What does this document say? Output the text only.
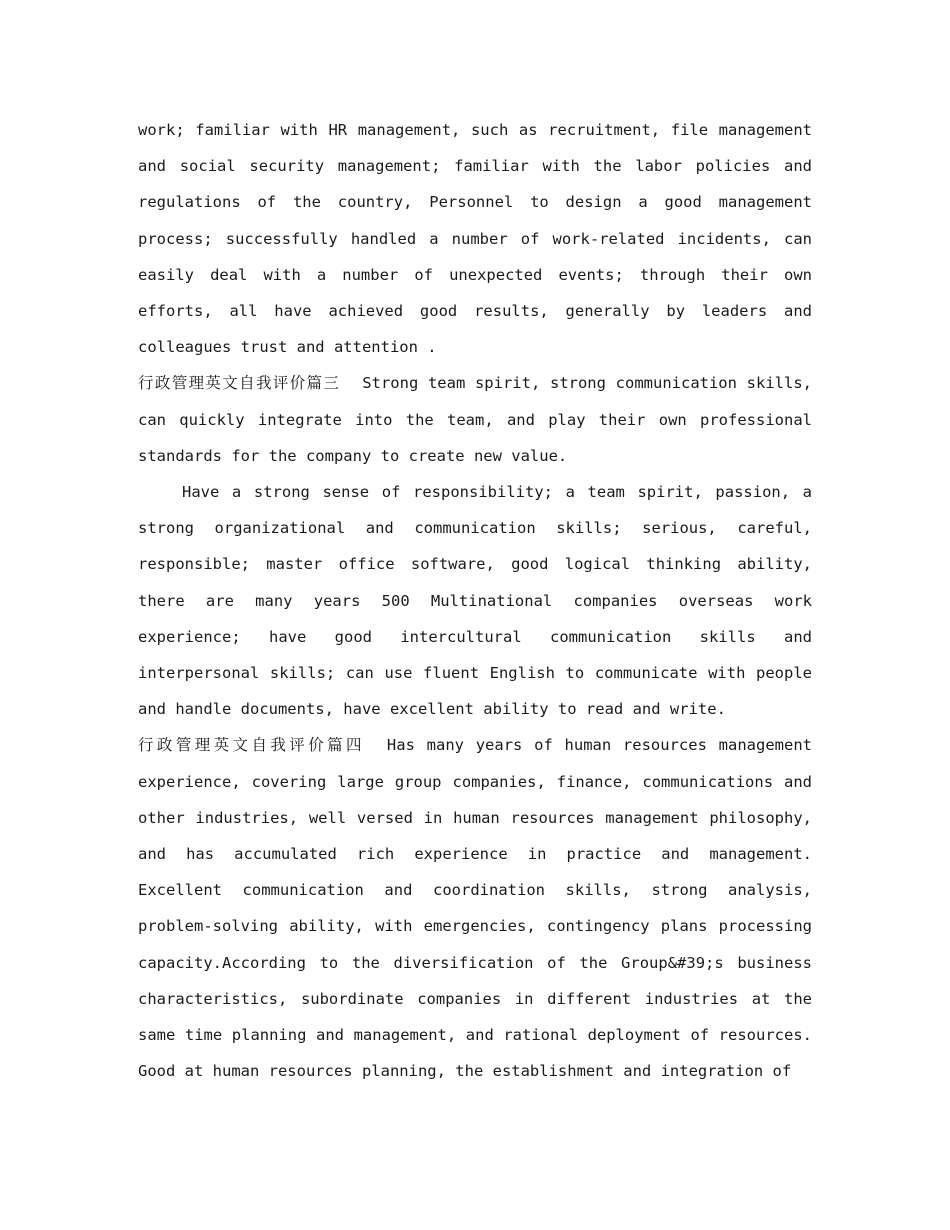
work; familiar with HR management, such as recruitment, file management and social security management; familiar with the labor policies and regulations of the country, Personnel to design a good management process; successfully handled a number of work-related incidents, can easily deal with a number of unexpected events; through their own efforts, all have achieved good results, generally by leaders and colleagues trust and attention .

行政管理英文自我评价篇三 Strong team spirit, strong communication skills, can quickly integrate into the team, and play their own professional standards for the company to create new value.

Have a strong sense of responsibility; a team spirit, passion, a strong organizational and communication skills; serious, careful, responsible; master office software, good logical thinking ability, there are many years 500 Multinational companies overseas work experience; have good intercultural communication skills and interpersonal skills; can use fluent English to communicate with people and handle documents, have excellent ability to read and write.

行政管理英文自我评价篇四 Has many years of human resources management experience, covering large group companies, finance, communications and other industries, well versed in human resources management philosophy, and has accumulated rich experience in practice and management. Excellent communication and coordination skills, strong analysis, problem-solving ability, with emergencies, contingency plans processing capacity.According to the diversification of the Group&#39;s business characteristics, subordinate companies in different industries at the same time planning and management, and rational deployment of resources. Good at human resources planning, the establishment and integration of
